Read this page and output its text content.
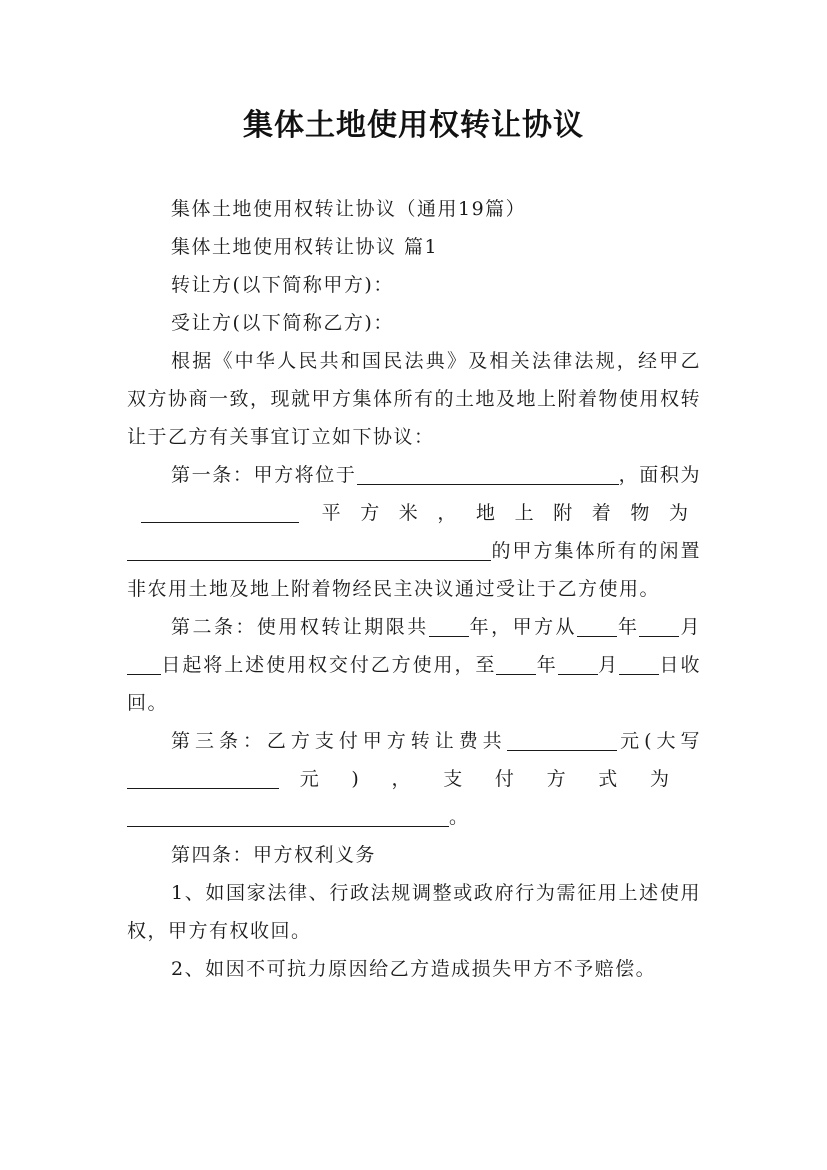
集体土地使用权转让协议

集体土地使用权转让协议（通用19篇）

集体土地使用权转让协议 篇1

转让方(以下简称甲方)：

受让方(以下简称乙方)：

根据《中华人民共和国民法典》及相关法律法规，经甲乙双方协商一致，现就甲方集体所有的土地及地上附着物使用权转让于乙方有关事宜订立如下协议：

第一条：甲方将位于	，面积为平方米，地上附着物为的甲方集体所有的闲置非农用土地及地上附着物经民主决议通过受让于乙方使用。

第二条：使用权转让期限共 年，甲方从 年 月日起将上述使用权交付乙方使用，至 年 月 日收回。

第三条：乙方支付甲方转让费共	元(大写元)，支付方式为。

第四条：甲方权利义务

1、如国家法律、行政法规调整或政府行为需征用上述使用权，甲方有权收回。

2、如因不可抗力原因给乙方造成损失甲方不予赔偿。
